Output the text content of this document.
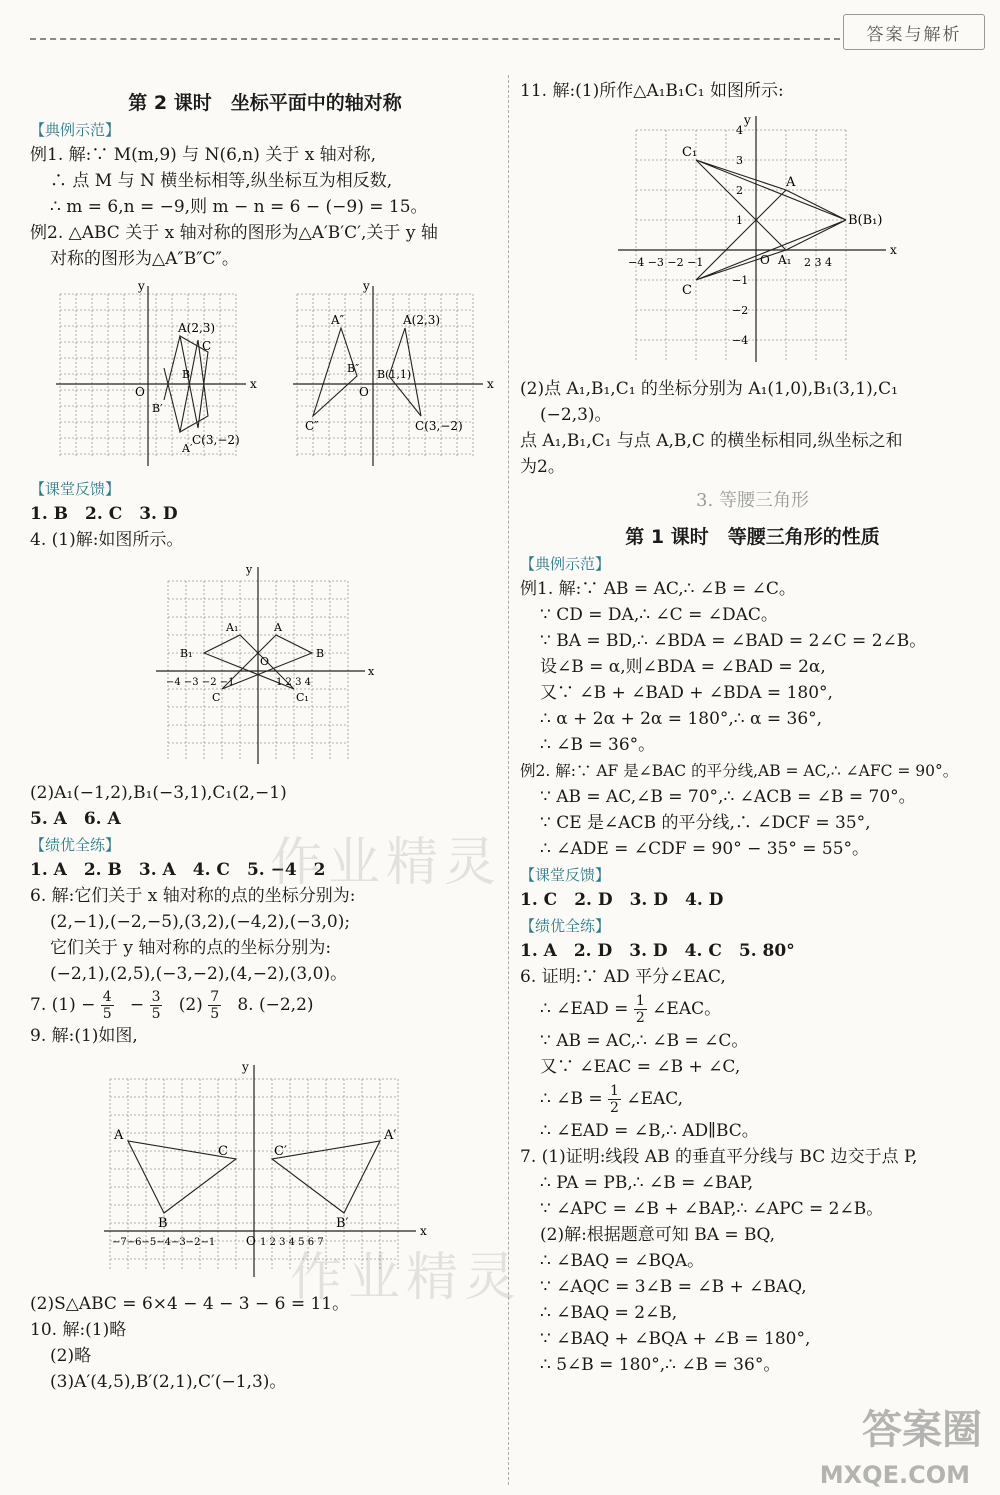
答案与解析
第 2 课时　坐标平面中的轴对称
【典例示范】
例1. 解:∵ M(m,9) 与 N(6,n) 关于 x 轴对称,
∴ 点 M 与 N 横坐标相等,纵坐标互为相反数,
∴ m = 6,n = −9,则 m − n = 6 − (−9) = 15。
例2. △ABC 关于 x 轴对称的图形为△A′B′C′,关于 y 轴
对称的图形为△A″B″C″。
y
x
O
A(2,3)
C
B
B′
C(3,−2)
A′
y
x
O
A(2,3)
A″
B(1,1)
B″
C(3,−2)
C″
【课堂反馈】
1. B　2. C　3. D
4. (1)解:如图所示。
y
x
O
A₁	A
B₁	B
C	C₁
−4 −3 −2 −1	1 2 3 4
(2)A₁(−1,2),B₁(−3,1),C₁(2,−1)
5. A　6. A
【绩优全练】
1. A　2. B　3. A　4. C　5. −4　2
6. 解:它们关于 x 轴对称的点的坐标分别为:
(2,−1),(−2,−5),(3,2),(−4,2),(−3,0);
它们关于 y 轴对称的点的坐标分别为:
(−2,1),(2,5),(−3,−2),(4,−2),(3,0)。
7. $(1) - \frac{4}{5} - \frac{3}{5} (2) \frac{7}{5} 8$. (−2,2)
9. 解:(1)如图,
y
x
O
A	A′
C	C′
B	B′
−7−6−5−4−3−2−1	1 2 3 4 5 6 7
(2)S△ABC = 6×4 − 4 − 3 − 6 = 11。
10. 解:(1)略
(2)略
(3)A′(4,5),B′(2,1),C′(−1,3)。
11. 解:(1)所作△A₁B₁C₁ 如图所示:
y
x
O
C₁
A
B(B₁)
C
A₁
−4 −3 −2 −1	2 3 4
4
3
2
1
−1
−2
−4
(2)点 A₁,B₁,C₁ 的坐标分别为 A₁(1,0),B₁(3,1),C₁
(−2,3)。
点 A₁,B₁,C₁ 与点 A,B,C 的横坐标相同,纵坐标之和
为2。
3. 等腰三角形
第 1 课时　等腰三角形的性质
【典例示范】
例1. 解:∵ AB = AC,∴ ∠B = ∠C。
∵ CD = DA,∴ ∠C = ∠DAC。
∵ BA = BD,∴ ∠BDA = ∠BAD = 2∠C = 2∠B。
设∠B = α,则∠BDA = ∠BAD = 2α,
又∵ ∠B + ∠BAD + ∠BDA = 180°,
∴ α + 2α + 2α = 180°,∴ α = 36°,
∴ ∠B = 36°。
例2. 解:∵ AF 是∠BAC 的平分线,AB = AC,∴ ∠AFC = 90°。
∵ AB = AC,∠B = 70°,∴ ∠ACB = ∠B = 70°。
∵ CE 是∠ACB 的平分线,∴ ∠DCF = 35°,
∴ ∠ADE = ∠CDF = 90° − 35° = 55°。
【课堂反馈】
1. C　2. D　3. D　4. D
【绩优全练】
1. A　2. D　3. D　4. C　5. 80°
6. 证明:∵ AD 平分∠EAC,
∴ ∠EAD = $\frac{1}{2}$ ∠EAC。
∵ AB = AC,∴ ∠B = ∠C。
又∵ ∠EAC = ∠B + ∠C,
∴ ∠B = $\frac{1}{2}$ ∠EAC,
∴ ∠EAD = ∠B,∴ AD∥BC。
7. (1)证明:线段 AB 的垂直平分线与 BC 边交于点 P,
∴ PA = PB,∴ ∠B = ∠BAP,
∵ ∠APC = ∠B + ∠BAP,∴ ∠APC = 2∠B。
(2)解:根据题意可知 BA = BQ,
∴ ∠BAQ = ∠BQA。
∵ ∠AQC = 3∠B = ∠B + ∠BAQ,
∴ ∠BAQ = 2∠B,
∵ ∠BAQ + ∠BQA + ∠B = 180°,
∴ 5∠B = 180°,∴ ∠B = 36°。
作业精灵
作业精灵
答案圈
MXQE.COM
